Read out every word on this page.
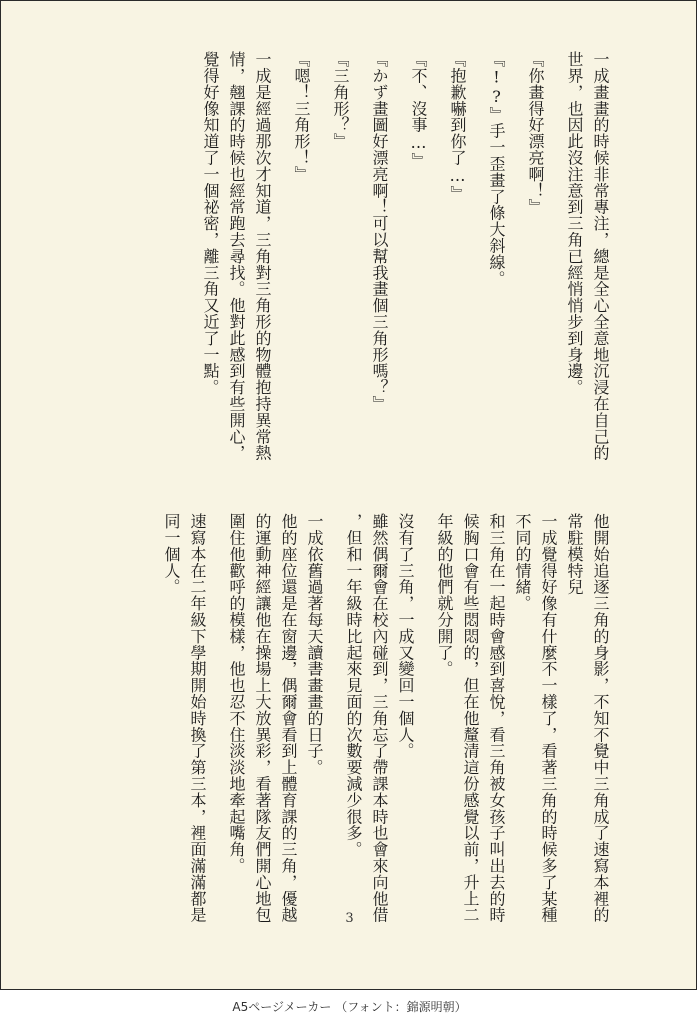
一成畫畫的時候非常專注，總是全心全意地沉浸在自己的
世界，也因此沒注意到三角已經悄悄步到身邊。
『你畫得好漂亮啊！』
『!?』手一歪畫了條大斜線。
『抱歉嚇到你了…』
『不、沒事…』
『かず畫圖好漂亮啊！可以幫我畫個三角形嗎？』
『三角形？』
『嗯！三角形！』
一成是經過那次才知道，三角對三角形的物體抱持異常熱
情，翹課的時候也經常跑去尋找。他對此感到有些開心，
覺得好像知道了一個祕密，離三角又近了一點。
他開始追逐三角的身影，不知不覺中三角成了速寫本裡的
常駐模特兒
一成覺得好像有什麼不一樣了，看著三角的時候多了某種
不同的情緒。
和三角在一起時會感到喜悅，看三角被女孩子叫出去的時
候胸口會有些悶悶的，但在他釐清這份感覺以前，升上二
年級的他們就分開了。
沒有了三角，一成又變回一個人。
雖然偶爾會在校內碰到，三角忘了帶課本時也會來向他借
，但和一年級時比起來見面的次數要減少很多。
一成依舊過著每天讀書畫畫的日子。
他的座位還是在窗邊，偶爾會看到上體育課的三角，優越
的運動神經讓他在操場上大放異彩，看著隊友們開心地包
圍住他歡呼的模樣，他也忍不住淡淡地牽起嘴角。
速寫本在二年級下學期開始時換了第三本，裡面滿滿都是
同一個人。
3
A5ページメーカー （フォント：錦源明朝）
